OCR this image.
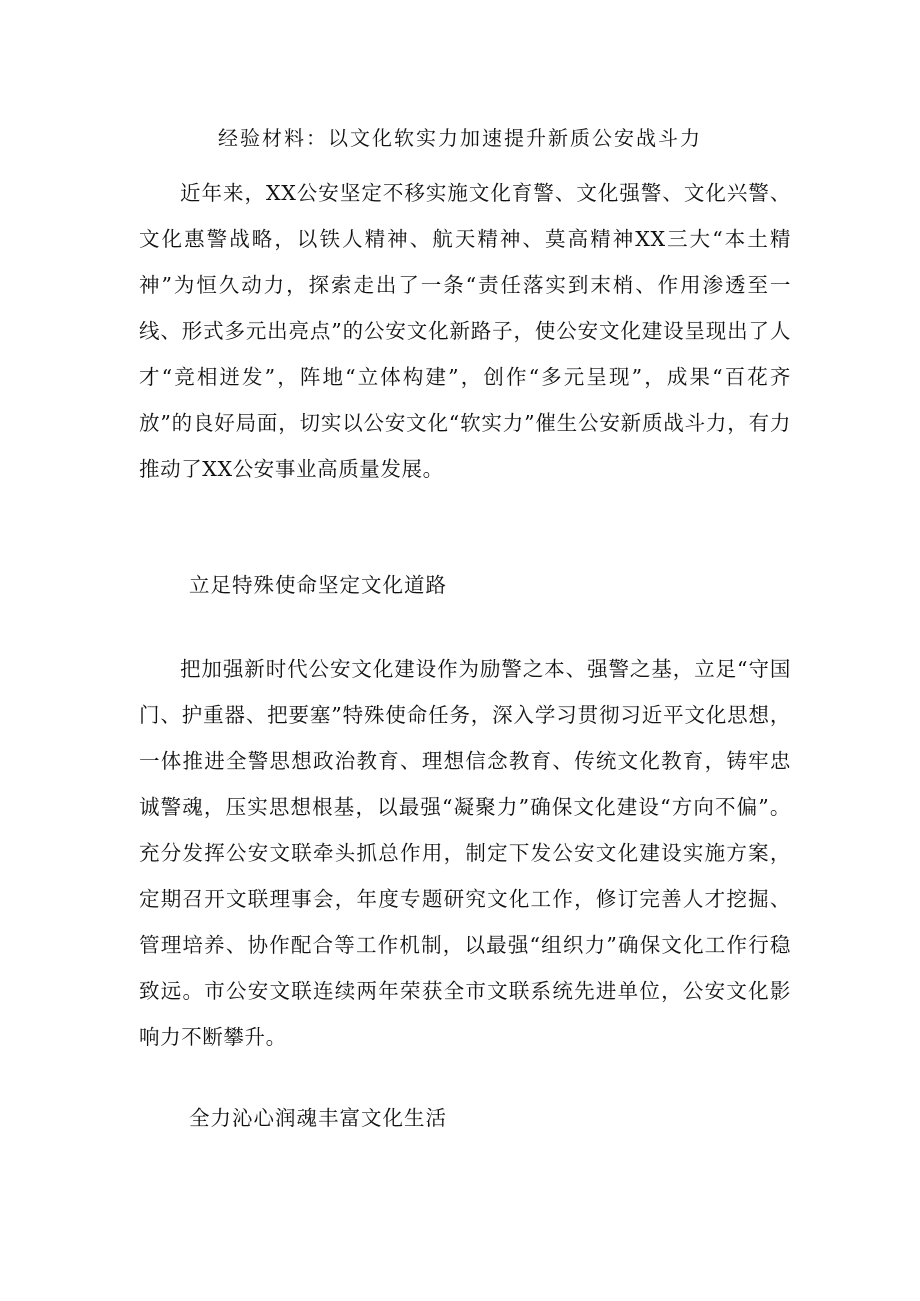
经验材料：以文化软实力加速提升新质公安战斗力

近年来，XX公安坚定不移实施文化育警、文化强警、文化兴警、文化惠警战略，以铁人精神、航天精神、莫高精神XX三大“本土精神”为恒久动力，探索走出了一条“责任落实到末梢、作用渗透至一线、形式多元出亮点”的公安文化新路子，使公安文化建设呈现出了人才“竞相迸发”，阵地“立体构建”，创作“多元呈现”，成果“百花齐放”的良好局面，切实以公安文化“软实力”催生公安新质战斗力，有力推动了XX公安事业高质量发展。

立足特殊使命坚定文化道路

把加强新时代公安文化建设作为励警之本、强警之基，立足“守国门、护重器、把要塞”特殊使命任务，深入学习贯彻习近平文化思想，一体推进全警思想政治教育、理想信念教育、传统文化教育，铸牢忠诚警魂，压实思想根基，以最强“凝聚力”确保文化建设“方向不偏”。充分发挥公安文联牵头抓总作用，制定下发公安文化建设实施方案，定期召开文联理事会，年度专题研究文化工作，修订完善人才挖掘、管理培养、协作配合等工作机制，以最强“组织力”确保文化工作行稳致远。市公安文联连续两年荣获全市文联系统先进单位，公安文化影响力不断攀升。

全力沁心润魂丰富文化生活
